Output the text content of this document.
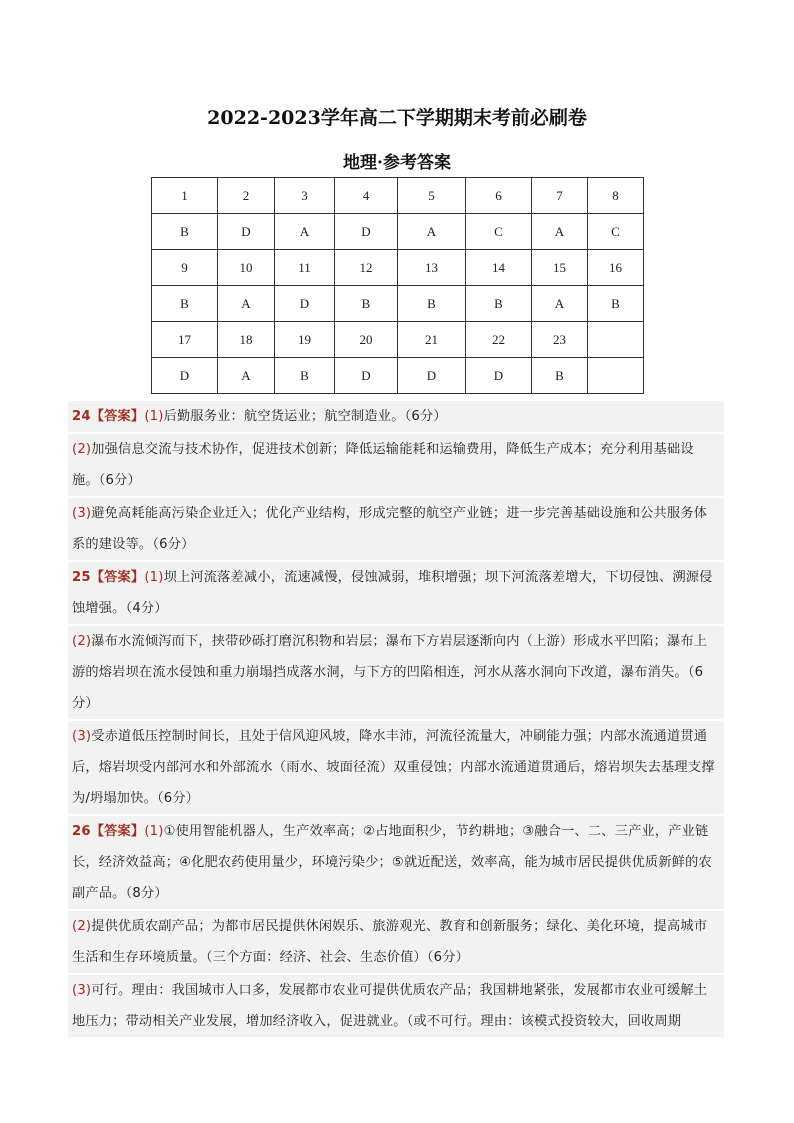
2022-2023学年高二下学期期末考前必刷卷
地理·参考答案
1	2	3	4	5	6	7	8
B	D	A	D	A	C	A	C
9	10	11	12	13	14	15	16
B	A	D	B	B	B	A	B
17	18	19	20	21	22	23	
D	A	B	D	D	D	B	
24【答案】(1)后勤服务业：航空货运业；航空制造业。（6分）
(2)加强信息交流与技术协作，促进技术创新；降低运输能耗和运输费用，降低生产成本；充分利用基础设施。（6分）
(3)避免高耗能高污染企业迁入；优化产业结构，形成完整的航空产业链；进一步完善基础设施和公共服务体系的建设等。（6分）
25【答案】(1)坝上河流落差减小，流速减慢，侵蚀减弱，堆积增强；坝下河流落差增大，下切侵蚀、溯源侵蚀增强。（4分）
(2)瀑布水流倾泻而下，挟带砂砾打磨沉积物和岩层；瀑布下方岩层逐渐向内（上游）形成水平凹陷；瀑布上游的熔岩坝在流水侵蚀和重力崩塌挡成落水洞，与下方的凹陷相连，河水从落水洞向下改道，瀑布消失。（6分）
(3)受赤道低压控制时间长，且处于信风迎风坡，降水丰沛，河流径流量大，冲刷能力强；内部水流通道贯通后，熔岩坝受内部河水和外部流水（雨水、坡面径流）双重侵蚀；内部水流通道贯通后，熔岩坝失去基理支撑为/坍塌加快。（6分）
26【答案】(1)①使用智能机器人，生产效率高；②占地面积少，节约耕地；③融合一、二、三产业，产业链长，经济效益高；④化肥农药使用量少，环境污染少；⑤就近配送，效率高，能为城市居民提供优质新鲜的农副产品。（8分）
(2)提供优质农副产品；为都市居民提供休闲娱乐、旅游观光、教育和创新服务；绿化、美化环境，提高城市生活和生存环境质量。（三个方面：经济、社会、生态价值）（6分）
(3)可行。理由：我国城市人口多，发展都市农业可提供优质农产品；我国耕地紧张，发展都市农业可缓解土地压力；带动相关产业发展，增加经济收入，促进就业。（或不可行。理由：该模式投资较大，回收周期
